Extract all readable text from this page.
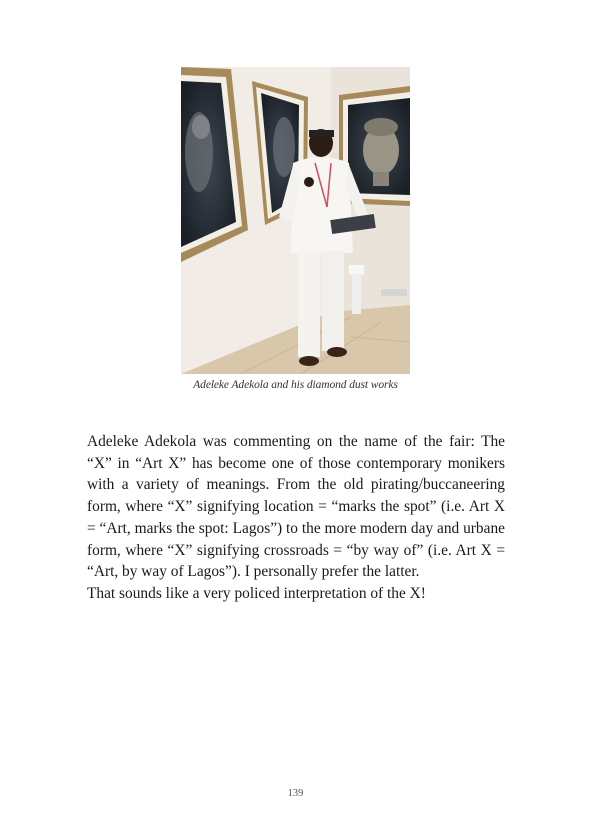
Adeleke Adekola and his diamond dust works

Adeleke Adekola was commenting on the name of the fair: The “X” in “Art X” has become one of those contemporary monikers with a variety of meanings. From the old pirating/buccaneering form, where “X” signifying location = “marks the spot” (i.e. Art X = “Art, marks the spot: Lagos”) to the more modern day and urbane form, where “X” signifying crossroads = “by way of” (i.e. Art X = “Art, by way of Lagos”). I personally prefer the latter.

That sounds like a very policed interpretation of the X!

139
